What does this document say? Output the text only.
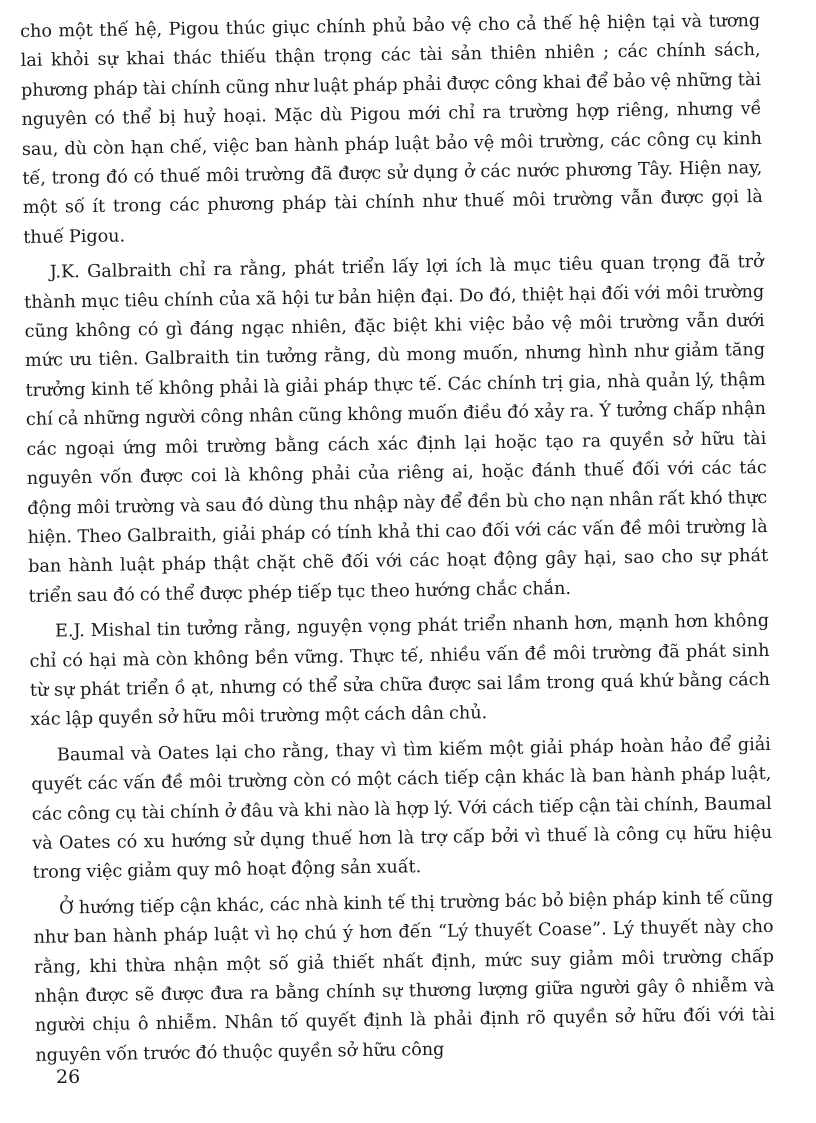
cho một thế hệ, Pigou thúc giục chính phủ bảo vệ cho cả thế hệ hiện tại và tương lai khỏi sự khai thác thiếu thận trọng các tài sản thiên nhiên ; các chính sách, phương pháp tài chính cũng như luật pháp phải được công khai để bảo vệ những tài nguyên có thể bị huỷ hoại. Mặc dù Pigou mới chỉ ra trường hợp riêng, nhưng về sau, dù còn hạn chế, việc ban hành pháp luật bảo vệ môi trường, các công cụ kinh tế, trong đó có thuế môi trường đã được sử dụng ở các nước phương Tây. Hiện nay, một số ít trong các phương pháp tài chính như thuế môi trường vẫn được gọi là thuế Pigou.

J.K. Galbraith chỉ ra rằng, phát triển lấy lợi ích là mục tiêu quan trọng đã trở thành mục tiêu chính của xã hội tư bản hiện đại. Do đó, thiệt hại đối với môi trường cũng không có gì đáng ngạc nhiên, đặc biệt khi việc bảo vệ môi trường vẫn dưới mức ưu tiên. Galbraith tin tưởng rằng, dù mong muốn, nhưng hình như giảm tăng trưởng kinh tế không phải là giải pháp thực tế. Các chính trị gia, nhà quản lý, thậm chí cả những người công nhân cũng không muốn điều đó xảy ra. Ý tưởng chấp nhận các ngoại ứng môi trường bằng cách xác định lại hoặc tạo ra quyền sở hữu tài nguyên vốn được coi là không phải của riêng ai, hoặc đánh thuế đối với các tác động môi trường và sau đó dùng thu nhập này để đền bù cho nạn nhân rất khó thực hiện. Theo Galbraith, giải pháp có tính khả thi cao đối với các vấn đề môi trường là ban hành luật pháp thật chặt chẽ đối với các hoạt động gây hại, sao cho sự phát triển sau đó có thể được phép tiếp tục theo hướng chắc chắn.

E.J. Mishal tin tưởng rằng, nguyện vọng phát triển nhanh hơn, mạnh hơn không chỉ có hại mà còn không bền vững. Thực tế, nhiều vấn đề môi trường đã phát sinh từ sự phát triển ồ ạt, nhưng có thể sửa chữa được sai lầm trong quá khứ bằng cách xác lập quyền sở hữu môi trường một cách dân chủ.

Baumal và Oates lại cho rằng, thay vì tìm kiếm một giải pháp hoàn hảo để giải quyết các vấn đề môi trường còn có một cách tiếp cận khác là ban hành pháp luật, các công cụ tài chính ở đâu và khi nào là hợp lý. Với cách tiếp cận tài chính, Baumal và Oates có xu hướng sử dụng thuế hơn là trợ cấp bởi vì thuế là công cụ hữu hiệu trong việc giảm quy mô hoạt động sản xuất.

Ở hướng tiếp cận khác, các nhà kinh tế thị trường bác bỏ biện pháp kinh tế cũng như ban hành pháp luật vì họ chú ý hơn đến “Lý thuyết Coase”. Lý thuyết này cho rằng, khi thừa nhận một số giả thiết nhất định, mức suy giảm môi trường chấp nhận được sẽ được đưa ra bằng chính sự thương lượng giữa người gây ô nhiễm và người chịu ô nhiễm. Nhân tố quyết định là phải định rõ quyền sở hữu đối với tài nguyên vốn trước đó thuộc quyền sở hữu công

26
